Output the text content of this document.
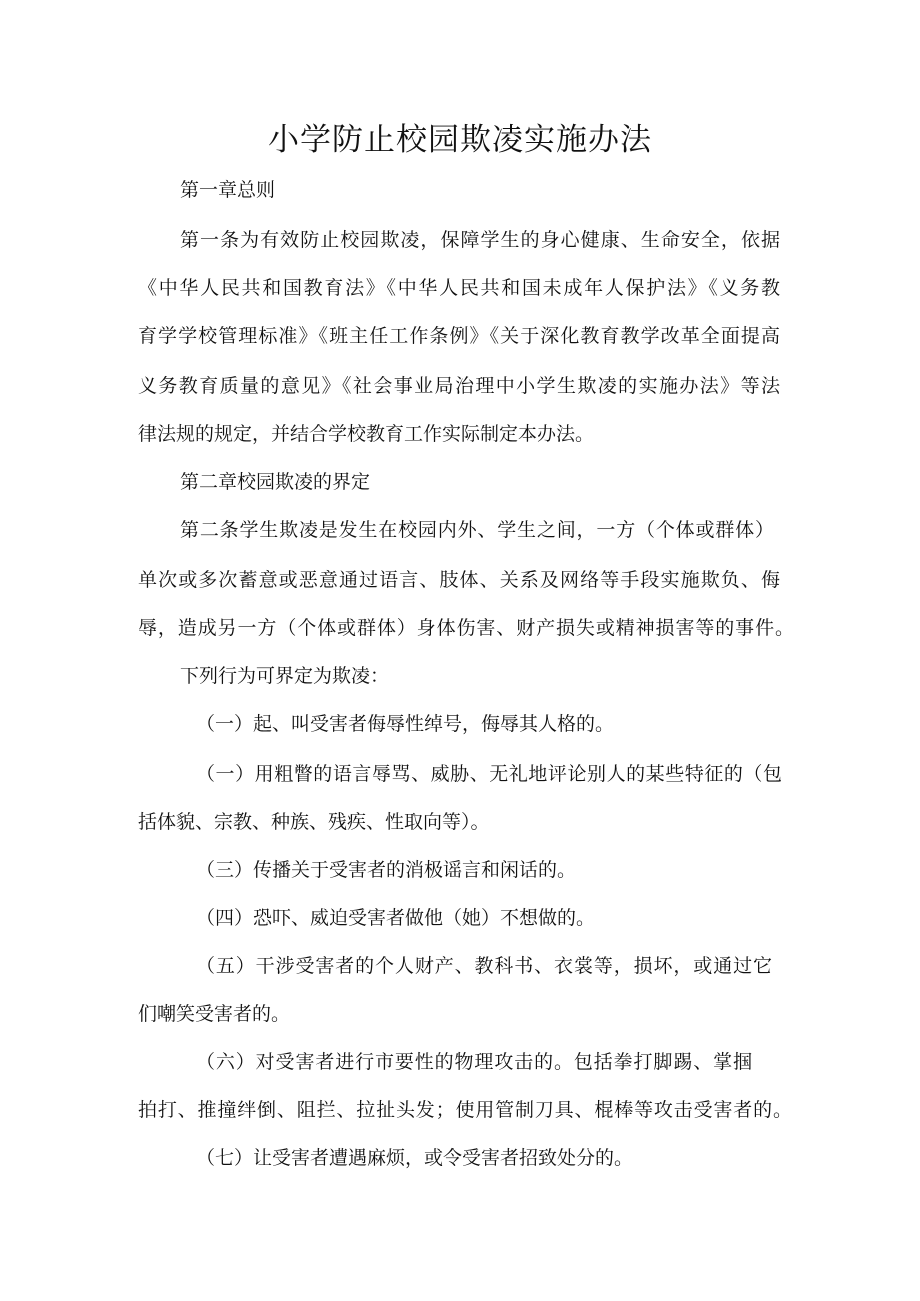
小学防止校园欺凌实施办法

第一章总则

第一条为有效防止校园欺凌，保障学生的身心健康、生命安全，依据

《中华人民共和国教育法》《中华人民共和国未成年人保护法》《义务教

育学学校管理标准》《班主任工作条例》《关于深化教育教学改革全面提高

义务教育质量的意见》《社会事业局治理中小学生欺凌的实施办法》等法

律法规的规定，并结合学校教育工作实际制定本办法。

第二章校园欺凌的界定

第二条学生欺凌是发生在校园内外、学生之间，一方（个体或群体）

单次或多次蓄意或恶意通过语言、肢体、关系及网络等手段实施欺负、侮

辱，造成另一方（个体或群体）身体伤害、财产损失或精神损害等的事件。

下列行为可界定为欺凌：

（一）起、叫受害者侮辱性绰号，侮辱其人格的。

（一）用粗瞥的语言辱骂、威胁、无礼地评论别人的某些特征的（包

括体貌、宗教、种族、残疾、性取向等）。

（三）传播关于受害者的消极谣言和闲话的。

（四）恐吓、威迫受害者做他（她）不想做的。

（五）干涉受害者的个人财产、教科书、衣裳等，损坏，或通过它

们嘲笑受害者的。

（六）对受害者进行市要性的物理攻击的。包括拳打脚踢、掌掴

拍打、推撞绊倒、阻拦、拉扯头发；使用管制刀具、棍棒等攻击受害者的。

（七）让受害者遭遇麻烦，或令受害者招致处分的。
